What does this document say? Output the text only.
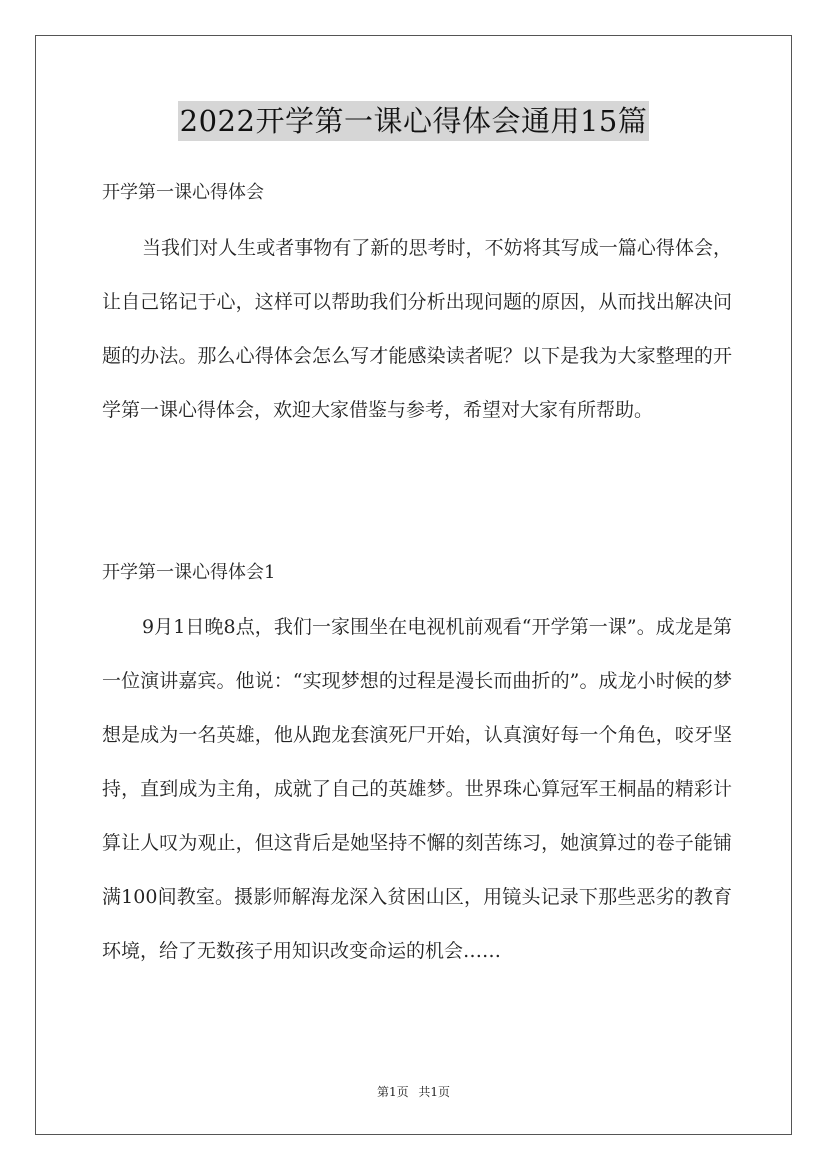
2022开学第一课心得体会通用15篇
开学第一课心得体会
当我们对人生或者事物有了新的思考时，不妨将其写成一篇心得体会，让自己铭记于心，这样可以帮助我们分析出现问题的原因，从而找出解决问题的办法。那么心得体会怎么写才能感染读者呢？以下是我为大家整理的开学第一课心得体会，欢迎大家借鉴与参考，希望对大家有所帮助。
开学第一课心得体会1
9月1日晚8点，我们一家围坐在电视机前观看“开学第一课”。成龙是第一位演讲嘉宾。他说：“实现梦想的过程是漫长而曲折的”。成龙小时候的梦想是成为一名英雄，他从跑龙套演死尸开始，认真演好每一个角色，咬牙坚持，直到成为主角，成就了自己的英雄梦。世界珠心算冠军王桐晶的精彩计算让人叹为观止，但这背后是她坚持不懈的刻苦练习，她演算过的卷子能铺满100间教室。摄影师解海龙深入贫困山区，用镜头记录下那些恶劣的教育环境，给了无数孩子用知识改变命运的机会……
第1页 共1页
